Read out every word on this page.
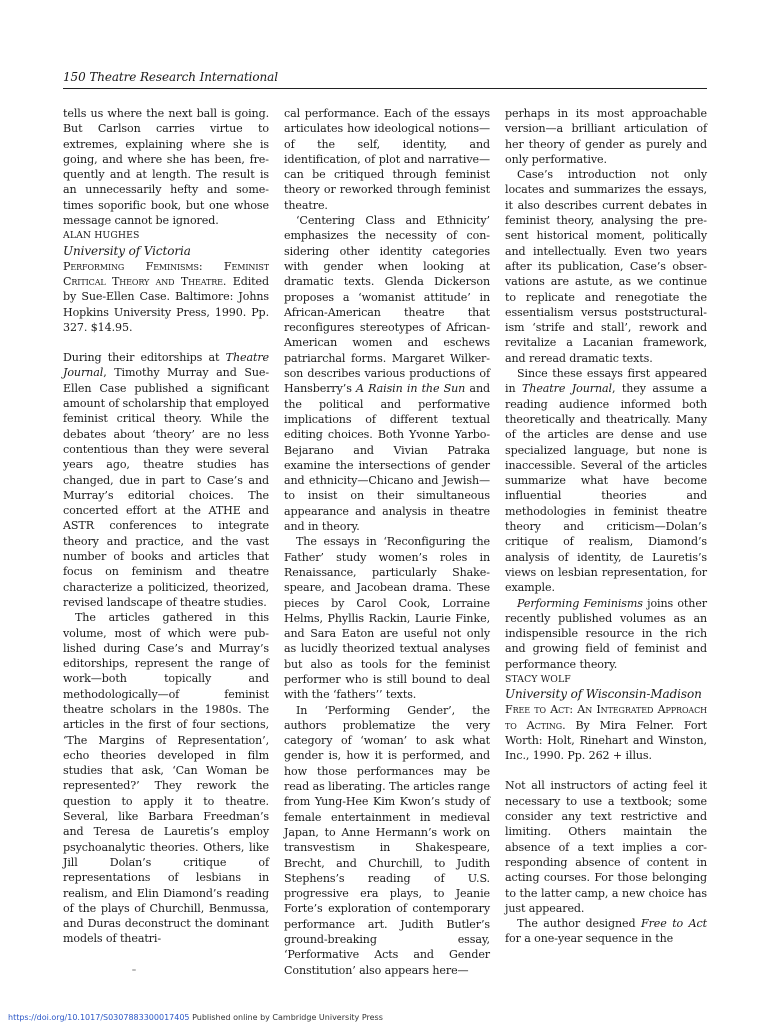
150 Theatre Research International

tells us where the next ball is going. But Carlson carries virtue to extremes, explaining where she is going, and where she has been, frequently and at length. The result is an unnecessarily hefty and sometimes soporific book, but one whose message cannot be ignored.

ALAN HUGHES

University of Victoria

Performing Feminisms: Feminist Critical Theory and Theatre. Edited by Sue-Ellen Case. Baltimore: Johns Hopkins University Press, 1990. Pp. 327. $14.95.

During their editorships at Theatre Journal, Timothy Murray and Sue-Ellen Case published a significant amount of scholarship that employed feminist critical theory. While the debates about ‘theory’ are no less contentious than they were several years ago, theatre studies has changed, due in part to Case’s and Murray’s editorial choices. The concerted effort at the ATHE and ASTR conferences to integrate theory and practice, and the vast number of books and articles that focus on feminism and theatre characterize a politicized, theorized, revised landscape of theatre studies.

The articles gathered in this volume, most of which were published during Case’s and Murray’s editorships, represent the range of work—both topically and methodologically—of feminist theatre scholars in the 1980s. The articles in the first of four sections, ‘The Margins of Representation’, echo theories developed in film studies that ask, ‘Can Woman be represented?’ They rework the question to apply it to theatre. Several, like Barbara Freedman’s and Teresa de Lauretis’s employ psychoanalytic theories. Others, like Jill Dolan’s critique of representations of lesbians in realism, and Elin Diamond’s reading of the plays of Churchill, Benmussa, and Duras deconstruct the dominant models of theatri-

cal performance. Each of the essays articulates how ideological notions—of the self, identity, and identification, of plot and narrative—can be critiqued through feminist theory or reworked through feminist theatre.

‘Centering Class and Ethnicity’ emphasizes the necessity of considering other identity categories with gender when looking at dramatic texts. Glenda Dickerson proposes a ‘womanist attitude’ in African-American theatre that reconfigures stereotypes of African-American women and eschews patriarchal forms. Margaret Wilkerson describes various productions of Hansberry’s A Raisin in the Sun and the political and performative implications of different textual editing choices. Both Yvonne Yarbo-Bejarano and Vivian Patraka examine the intersections of gender and ethnicity—Chicano and Jewish—to insist on their simultaneous appearance and analysis in theatre and in theory.

The essays in ‘Reconfiguring the Father’ study women’s roles in Renaissance, particularly Shakespeare, and Jacobean drama. These pieces by Carol Cook, Lorraine Helms, Phyllis Rackin, Laurie Finke, and Sara Eaton are useful not only as lucidly theorized textual analyses but also as tools for the feminist performer who is still bound to deal with the ‘fathers’’ texts.

In ‘Performing Gender’, the authors problematize the very category of ‘woman’ to ask what gender is, how it is performed, and how those performances may be read as liberating. The articles range from Yung-Hee Kim Kwon’s study of female entertainment in medieval Japan, to Anne Hermann’s work on transvestism in Shakespeare, Brecht, and Churchill, to Judith Stephens’s reading of U.S. progressive era plays, to Jeanie Forte’s exploration of contemporary performance art. Judith Butler’s ground-breaking essay, ‘Performative Acts and Gender Constitution’ also appears here—

perhaps in its most approachable version—a brilliant articulation of her theory of gender as purely and only performative.

Case’s introduction not only locates and summarizes the essays, it also describes current debates in feminist theory, analysing the present historical moment, politically and intellectually. Even two years after its publication, Case’s observations are astute, as we continue to replicate and renegotiate the essentialism versus poststructuralism ‘strife and stall’, rework and revitalize a Lacanian framework, and reread dramatic texts.

Since these essays first appeared in Theatre Journal, they assume a reading audience informed both theoretically and theatrically. Many of the articles are dense and use specialized language, but none is inaccessible. Several of the articles summarize what have become influential theories and methodologies in feminist theatre theory and criticism—Dolan’s critique of realism, Diamond’s analysis of identity, de Lauretis’s views on lesbian representation, for example.

Performing Feminisms joins other recently published volumes as an indispensible resource in the rich and growing field of feminist and performance theory.

STACY WOLF

University of Wisconsin-Madison

Free to Act: An Integrated Approach to Acting. By Mira Felner. Fort Worth: Holt, Rinehart and Winston, Inc., 1990. Pp. 262 + illus.

Not all instructors of acting feel it necessary to use a textbook; some consider any text restrictive and limiting. Others maintain the absence of a text implies a corresponding absence of content in acting courses. For those belonging to the latter camp, a new choice has just appeared.

The author designed Free to Act for a one-year sequence in the

https://doi.org/10.1017/S0307883300017405 Published online by Cambridge University Press
